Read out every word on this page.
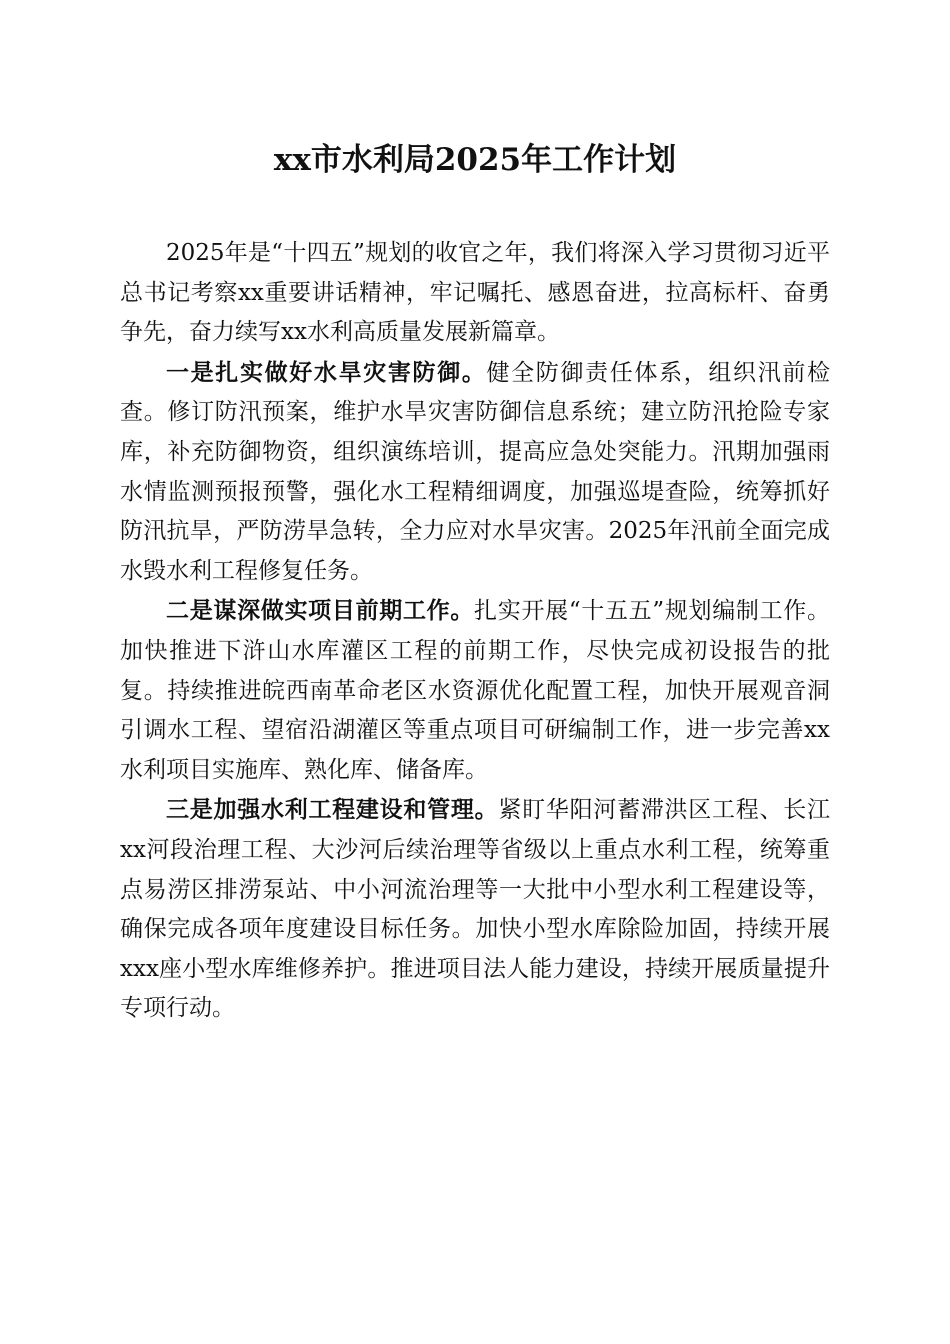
xx市水利局2025年工作计划

2025年是“十四五”规划的收官之年，我们将深入学习贯彻习近平总书记考察xx重要讲话精神，牢记嘱托、感恩奋进，拉高标杆、奋勇争先，奋力续写xx水利高质量发展新篇章。

一是扎实做好水旱灾害防御。健全防御责任体系，组织汛前检查。修订防汛预案，维护水旱灾害防御信息系统；建立防汛抢险专家库，补充防御物资，组织演练培训，提高应急处突能力。汛期加强雨水情监测预报预警，强化水工程精细调度，加强巡堤查险，统筹抓好防汛抗旱，严防涝旱急转，全力应对水旱灾害。2025年汛前全面完成水毁水利工程修复任务。

二是谋深做实项目前期工作。扎实开展“十五五”规划编制工作。加快推进下浒山水库灌区工程的前期工作，尽快完成初设报告的批复。持续推进皖西南革命老区水资源优化配置工程，加快开展观音洞引调水工程、望宿沿湖灌区等重点项目可研编制工作，进一步完善xx水利项目实施库、熟化库、储备库。

三是加强水利工程建设和管理。紧盯华阳河蓄滞洪区工程、长江xx河段治理工程、大沙河后续治理等省级以上重点水利工程，统筹重点易涝区排涝泵站、中小河流治理等一大批中小型水利工程建设等，确保完成各项年度建设目标任务。加快小型水库除险加固，持续开展xxx座小型水库维修养护。推进项目法人能力建设，持续开展质量提升专项行动。
